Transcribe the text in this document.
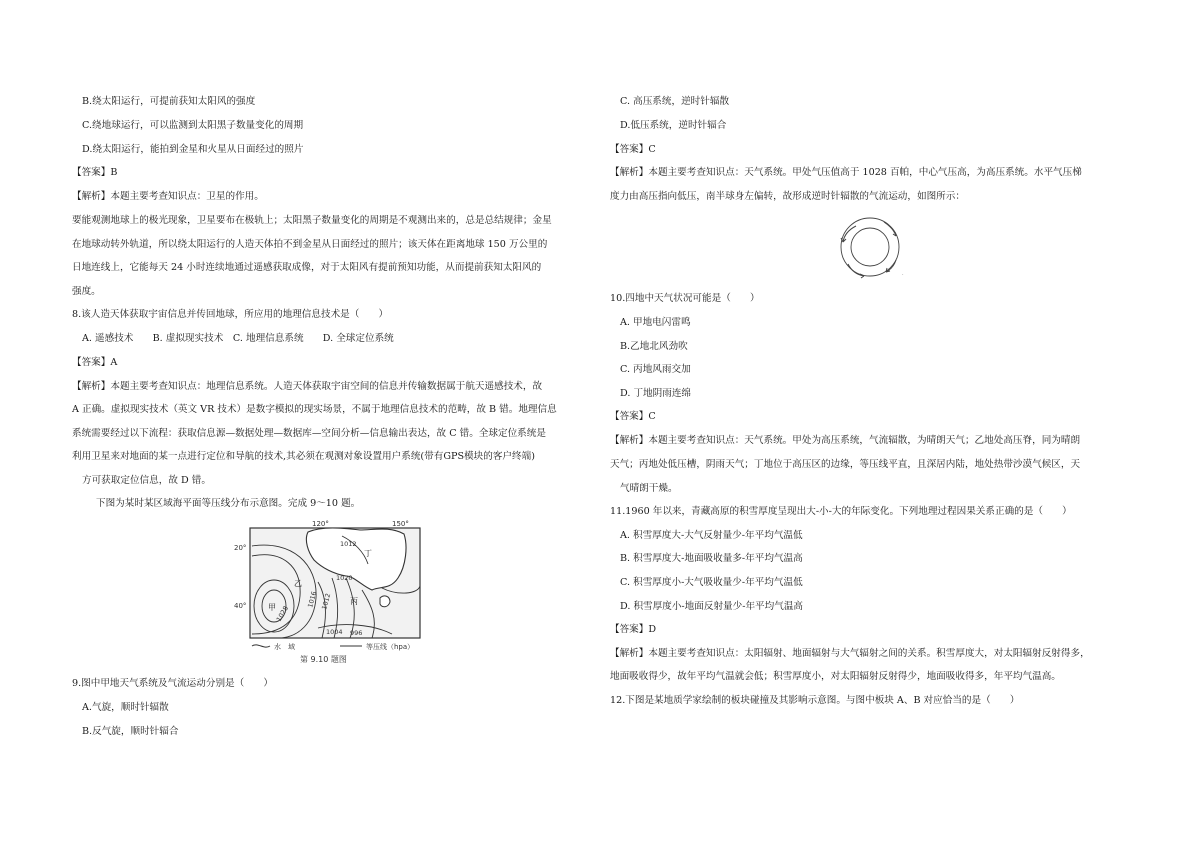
B.绕太阳运行，可提前获知太阳风的强度
C.绕地球运行，可以监测到太阳黑子数量变化的周期
D.绕太阳运行，能拍到金星和火星从日面经过的照片
【答案】B
【解析】本题主要考查知识点：卫星的作用。
要能观测地球上的极光现象，卫星要布在极轨上；太阳黑子数量变化的周期是不观测出来的，总是总结规律；金星
在地球动转外轨道，所以绕太阳运行的人造天体拍不到金星从日面经过的照片；该天体在距离地球 150 万公里的
日地连线上，它能每天 24 小时连续地通过遥感获取成像，对于太阳风有提前预知功能，从而提前获知太阳风的
强度。
8.该人造天体获取宇宙信息并传回地球，所应用的地理信息技术是（　　）
A. 遥感技术　　B. 虚拟现实技术　C. 地理信息系统　　D. 全球定位系统
【答案】A
【解析】本题主要考查知识点：地理信息系统。人造天体获取宇宙空间的信息并传输数据属于航天遥感技术，故
A 正确。虚拟现实技术（英文 VR 技术）是数字模拟的现实场景，不属于地理信息技术的范畴，故 B 错。地理信息
系统需要经过以下流程：获取信息源—数据处理—数据库—空间分析—信息输出表达，故 C 错。全球定位系统是
利用卫星来对地面的某一点进行定位和导航的技术,其必须在观测对象设置用户系统(带有GPS模块的客户终端)
方可获取定位信息，故 D 错。
下图为某时某区域海平面等压线分布示意图。完成 9～10 题。
9.图中甲地天气系统及气流运动分别是（　　）
A.气旋，顺时针辐散
B.反气旋，顺时针辐合
120°	150°
20°
40°
1012
1020
1028
1016 1012
1004 996
甲
乙
丙
丁
水　域	等压线（hpa）
第 9.10 题图
C. 高压系统，逆时针辐散
D.低压系统，逆时针辐合
【答案】C
【解析】本题主要考查知识点：天气系统。甲处气压值高于 1028 百帕，中心气压高，为高压系统。水平气压梯
度力由高压指向低压，南半球身左偏转，故形成逆时针辐散的气流运动，如图所示：
10.四地中天气状况可能是（　　）
A. 甲地电闪雷鸣
B.乙地北风劲吹
C. 丙地风雨交加
D. 丁地阴雨连绵
【答案】C
【解析】本题主要考查知识点：天气系统。甲处为高压系统，气流辐散，为晴朗天气；乙地处高压脊，同为晴朗
天气；丙地处低压槽，阴雨天气；丁地位于高压区的边缘，等压线平直，且深居内陆，地处热带沙漠气候区，天
气晴朗干燥。
11.1960 年以来，青藏高原的积雪厚度呈现出大-小-大的年际变化。下列地理过程因果关系正确的是（　　）
A. 积雪厚度大-大气反射量少-年平均气温低
B. 积雪厚度大-地面吸收量多-年平均气温高
C. 积雪厚度小-大气吸收量少-年平均气温低
D. 积雪厚度小-地面反射量少-年平均气温高
【答案】D
【解析】本题主要考查知识点：太阳辐射、地面辐射与大气辐射之间的关系。积雪厚度大，对太阳辐射反射得多，
地面吸收得少，故年平均气温就会低；积雪厚度小，对太阳辐射反射得少，地面吸收得多，年平均气温高。
12.下图是某地质学家绘制的板块碰撞及其影响示意图。与图中板块 A、B 对应恰当的是（　　）
·
